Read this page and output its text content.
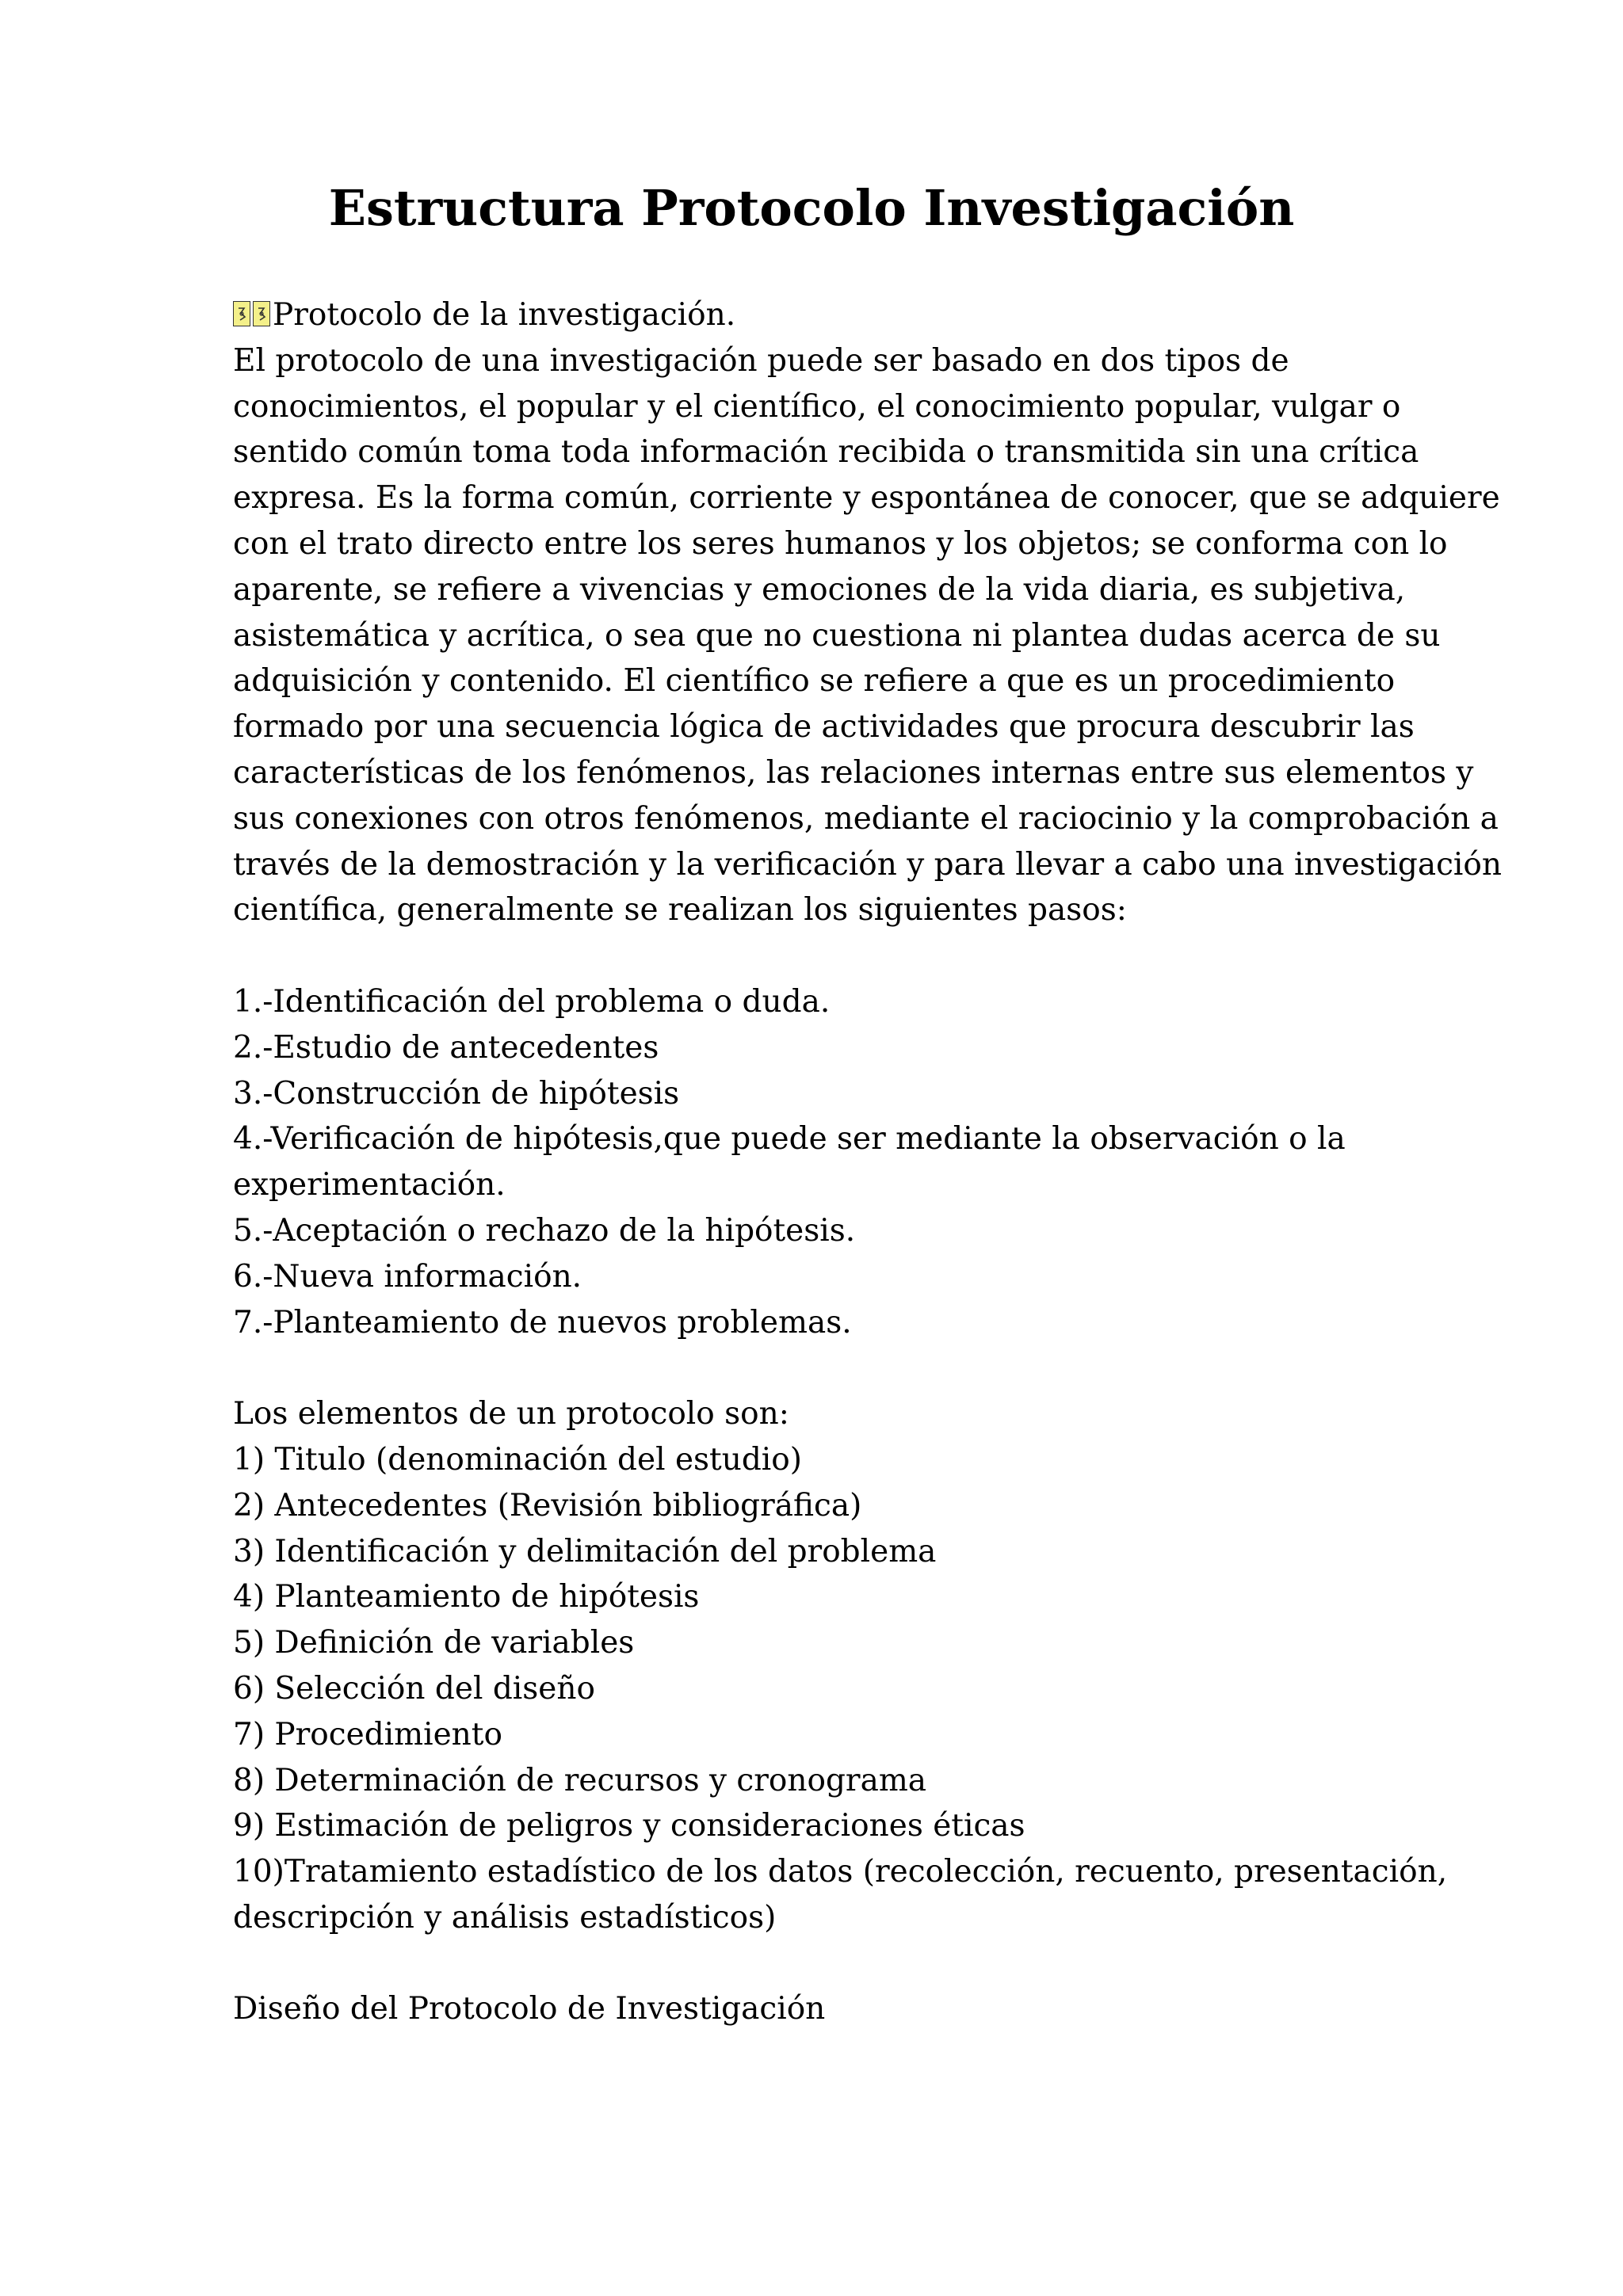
Estructura Protocolo Investigación
Protocolo de la investigación.
El protocolo de una investigación puede ser basado en dos tipos de
conocimientos, el popular y el científico, el conocimiento popular, vulgar o
sentido común toma toda información recibida o transmitida sin una crítica
expresa. Es la forma común, corriente y espontánea de conocer, que se adquiere
con el trato directo entre los seres humanos y los objetos; se conforma con lo
aparente, se refiere a vivencias y emociones de la vida diaria, es subjetiva,
asistemática y acrítica, o sea que no cuestiona ni plantea dudas acerca de su
adquisición y contenido. El científico se refiere a que es un procedimiento
formado por una secuencia lógica de actividades que procura descubrir las
características de los fenómenos, las relaciones internas entre sus elementos y
sus conexiones con otros fenómenos, mediante el raciocinio y la comprobación a
través de la demostración y la verificación y para llevar a cabo una investigación
científica, generalmente se realizan los siguientes pasos:
1.-Identificación del problema o duda.
2.-Estudio de antecedentes
3.-Construcción de hipótesis
4.-Verificación de hipótesis,que puede ser mediante la observación o la
experimentación.
5.-Aceptación o rechazo de la hipótesis.
6.-Nueva información.
7.-Planteamiento de nuevos problemas.
Los elementos de un protocolo son:
1) Titulo (denominación del estudio)
2) Antecedentes (Revisión bibliográfica)
3) Identificación y delimitación del problema
4) Planteamiento de hipótesis
5) Definición de variables
6) Selección del diseño
7) Procedimiento
8) Determinación de recursos y cronograma
9) Estimación de peligros y consideraciones éticas
10)Tratamiento estadístico de los datos (recolección, recuento, presentación,
descripción y análisis estadísticos)
Diseño del Protocolo de Investigación
